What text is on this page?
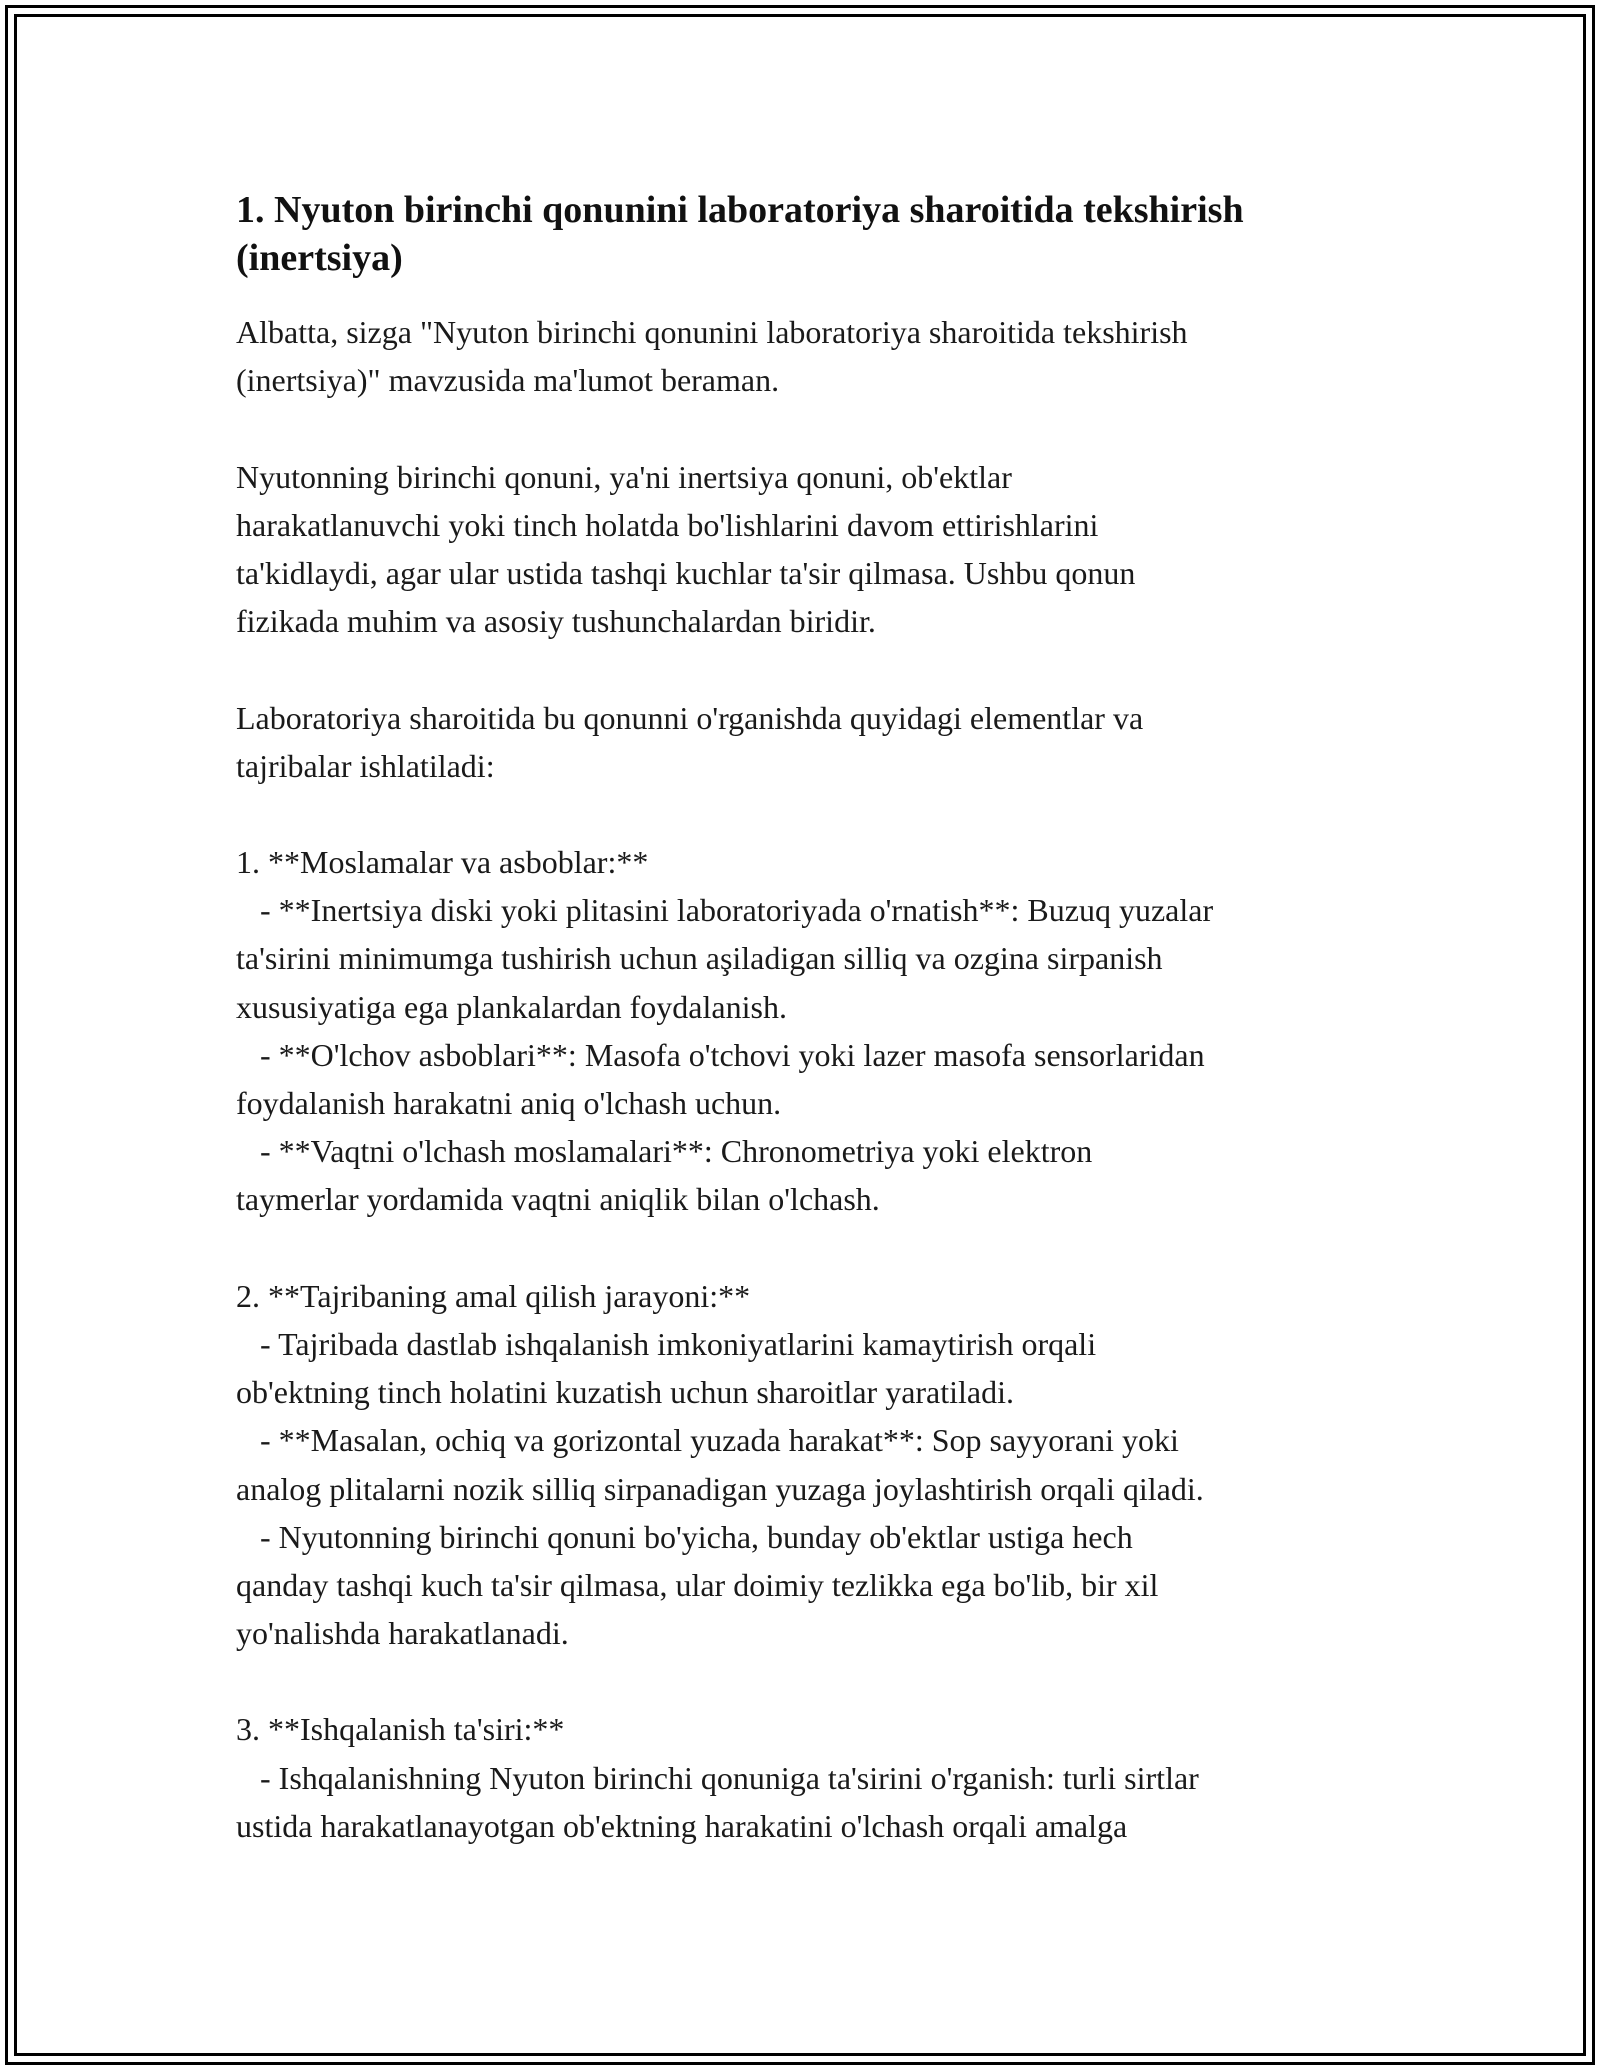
1. Nyuton birinchi qonunini laboratoriya sharoitida tekshirish
(inertsiya)

Albatta, sizga "Nyuton birinchi qonunini laboratoriya sharoitida tekshirish

(inertsiya)" mavzusida ma'lumot beraman.

Nyutonning birinchi qonuni, ya'ni inertsiya qonuni, ob'ektlar

harakatlanuvchi yoki tinch holatda bo'lishlarini davom ettirishlarini

ta'kidlaydi, agar ular ustida tashqi kuchlar ta'sir qilmasa. Ushbu qonun

fizikada muhim va asosiy tushunchalardan biridir.

Laboratoriya sharoitida bu qonunni o'rganishda quyidagi elementlar va

tajribalar ishlatiladi:

1. **Moslamalar va asboblar:**

- **Inertsiya diski yoki plitasini laboratoriyada o'rnatish**: Buzuq yuzalar

ta'sirini minimumga tushirish uchun aşiladigan silliq va ozgina sirpanish

xususiyatiga ega plankalardan foydalanish.

- **O'lchov asboblari**: Masofa o'tchovi yoki lazer masofa sensorlaridan

foydalanish harakatni aniq o'lchash uchun.

- **Vaqtni o'lchash moslamalari**: Chronometriya yoki elektron

taymerlar yordamida vaqtni aniqlik bilan o'lchash.

2. **Tajribaning amal qilish jarayoni:**

- Tajribada dastlab ishqalanish imkoniyatlarini kamaytirish orqali

ob'ektning tinch holatini kuzatish uchun sharoitlar yaratiladi.

- **Masalan, ochiq va gorizontal yuzada harakat**: Sop sayyorani yoki

analog plitalarni nozik silliq sirpanadigan yuzaga joylashtirish orqali qiladi.

- Nyutonning birinchi qonuni bo'yicha, bunday ob'ektlar ustiga hech

qanday tashqi kuch ta'sir qilmasa, ular doimiy tezlikka ega bo'lib, bir xil

yo'nalishda harakatlanadi.

3. **Ishqalanish ta'siri:**

- Ishqalanishning Nyuton birinchi qonuniga ta'sirini o'rganish: turli sirtlar

ustida harakatlanayotgan ob'ektning harakatini o'lchash orqali amalga
